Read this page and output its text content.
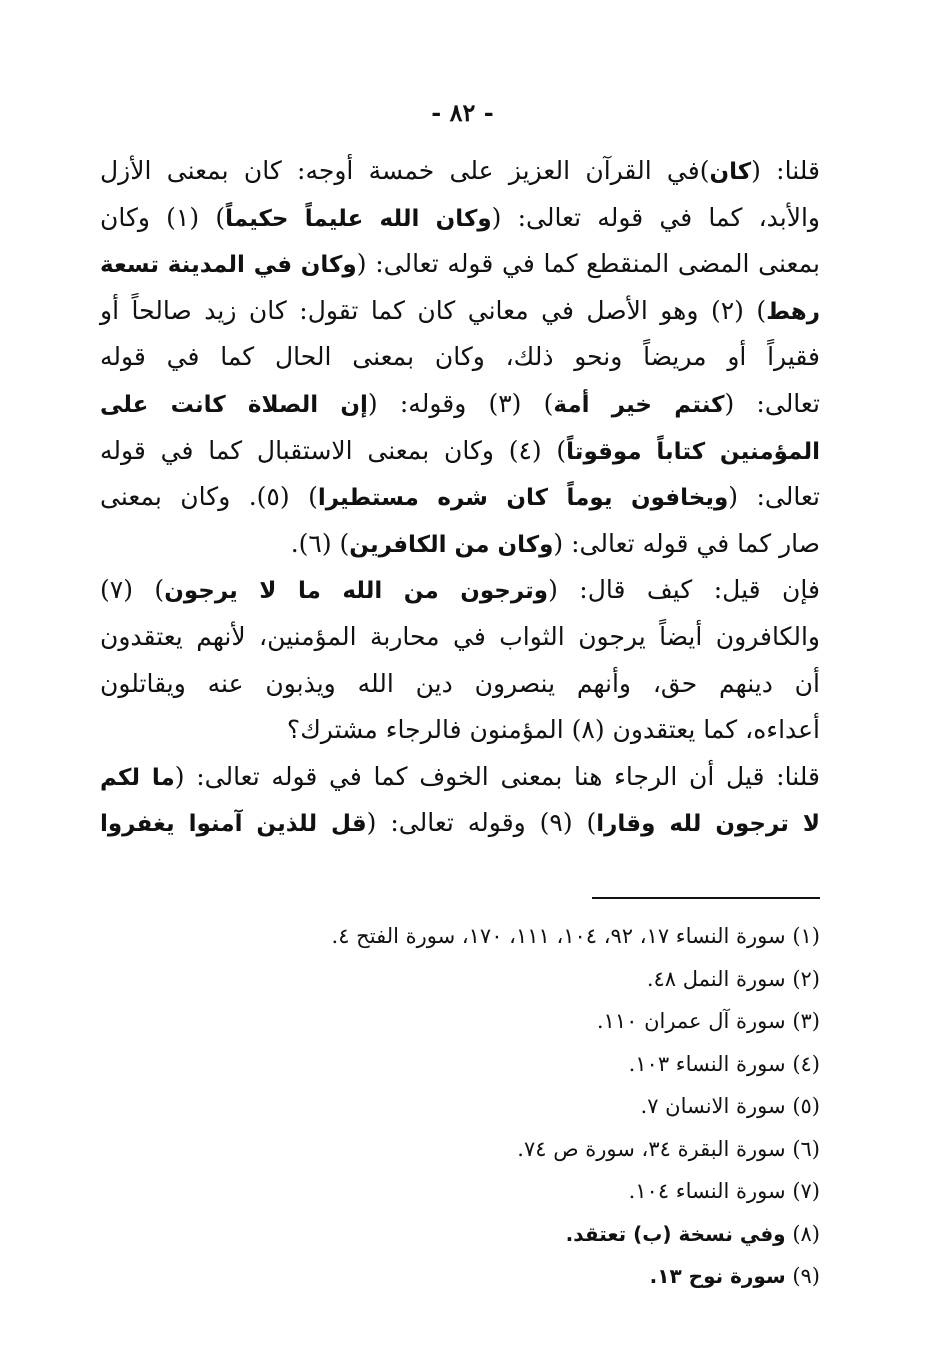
- ٨٢ -
قلنا: (كان)في القرآن العزيز على خمسة أوجه: كان بمعنى الأزل
والأبد، كما في قوله تعالى: (وكان الله عليماً حكيماً) (١) وكان
بمعنى المضى المنقطع كما في قوله تعالى: (وكان في المدينة تسعة
رهط) (٢) وهو الأصل في معاني كان كما تقول: كان زيد صالحاً أو
فقيراً أو مريضاً ونحو ذلك، وكان بمعنى الحال كما في قوله
تعالى: (كنتم خير أمة) (٣) وقوله: (إن الصلاة كانت على
المؤمنين كتاباً موقوتاً) (٤) وكان بمعنى الاستقبال كما في قوله
تعالى: (ويخافون يوماً كان شره مستطيرا) (٥). وكان بمعنى
صار كما في قوله تعالى: (وكان من الكافرين) (٦).
فإن قيل: كيف قال: (وترجون من الله ما لا يرجون) (٧)
والكافرون أيضاً يرجون الثواب في محاربة المؤمنين، لأنهم يعتقدون
أن دينهم حق، وأنهم ينصرون دين الله ويذبون عنه ويقاتلون
أعداءه، كما يعتقدون (٨) المؤمنون فالرجاء مشترك؟
قلنا: قيل أن الرجاء هنا بمعنى الخوف كما في قوله تعالى: (ما لكم
لا ترجون لله وقارا) (٩) وقوله تعالى: (قل للذين آمنوا يغفروا
(١) سورة النساء ١٧، ٩٢، ١٠٤، ١١١، ١٧٠، سورة الفتح ٤.
(٢) سورة النمل ٤٨.
(٣) سورة آل عمران ١١٠.
(٤) سورة النساء ١٠٣.
(٥) سورة الانسان ٧.
(٦) سورة البقرة ٣٤، سورة ص ٧٤.
(٧) سورة النساء ١٠٤.
(٨) وفي نسخة (ب) تعتقد.
(٩) سورة نوح ١٣.
